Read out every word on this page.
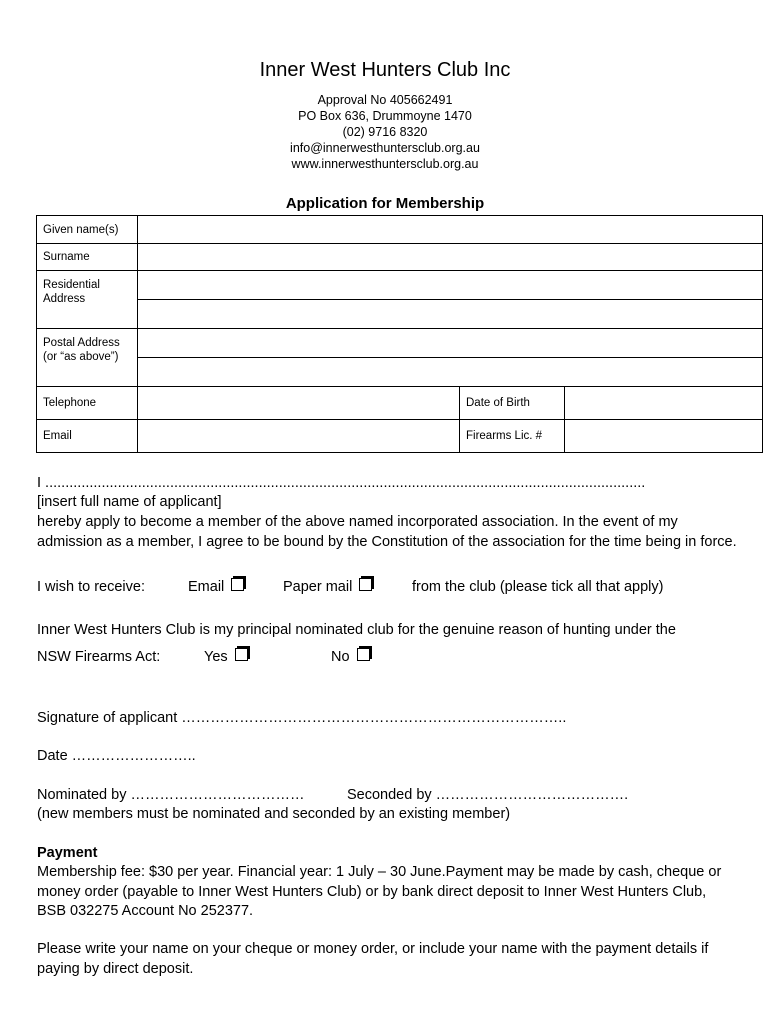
Inner West Hunters Club Inc
Approval No 405662491
PO Box 636, Drummoyne 1470
(02) 9716 8320
info@innerwesthuntersclub.org.au
www.innerwesthuntersclub.org.au
Application for Membership
Given name(s)			
Surname			

Residential
Address			

Postal Address
(or “as above”)			

Telephone		Date of Birth	
Email		Firearms Lic. #	
I .....................................................................................................................................................
[insert full name of applicant]
hereby apply to become a member of the above named incorporated association. In the event of my admission as a member, I agree to be bound by the Constitution of the association for the time being in force.
I wish to receive:	Email	Paper mail	from the club (please tick all that apply)
Inner West Hunters Club is my principal nominated club for the genuine reason of hunting under the
NSW Firearms Act:	Yes	No
Signature of applicant ……………………………………………………………………..
Date ……………………..
Nominated by ………………………………	Seconded by ………………………………….
(new members must be nominated and seconded by an existing member)
Payment
Membership fee: $30 per year. Financial year: 1 July – 30 June.Payment may be made by cash, cheque or money order (payable to Inner West Hunters Club) or by bank direct deposit to Inner West Hunters Club, BSB 032275 Account No 252377.
Please write your name on your cheque or money order, or include your name with the payment details if paying by direct deposit.
